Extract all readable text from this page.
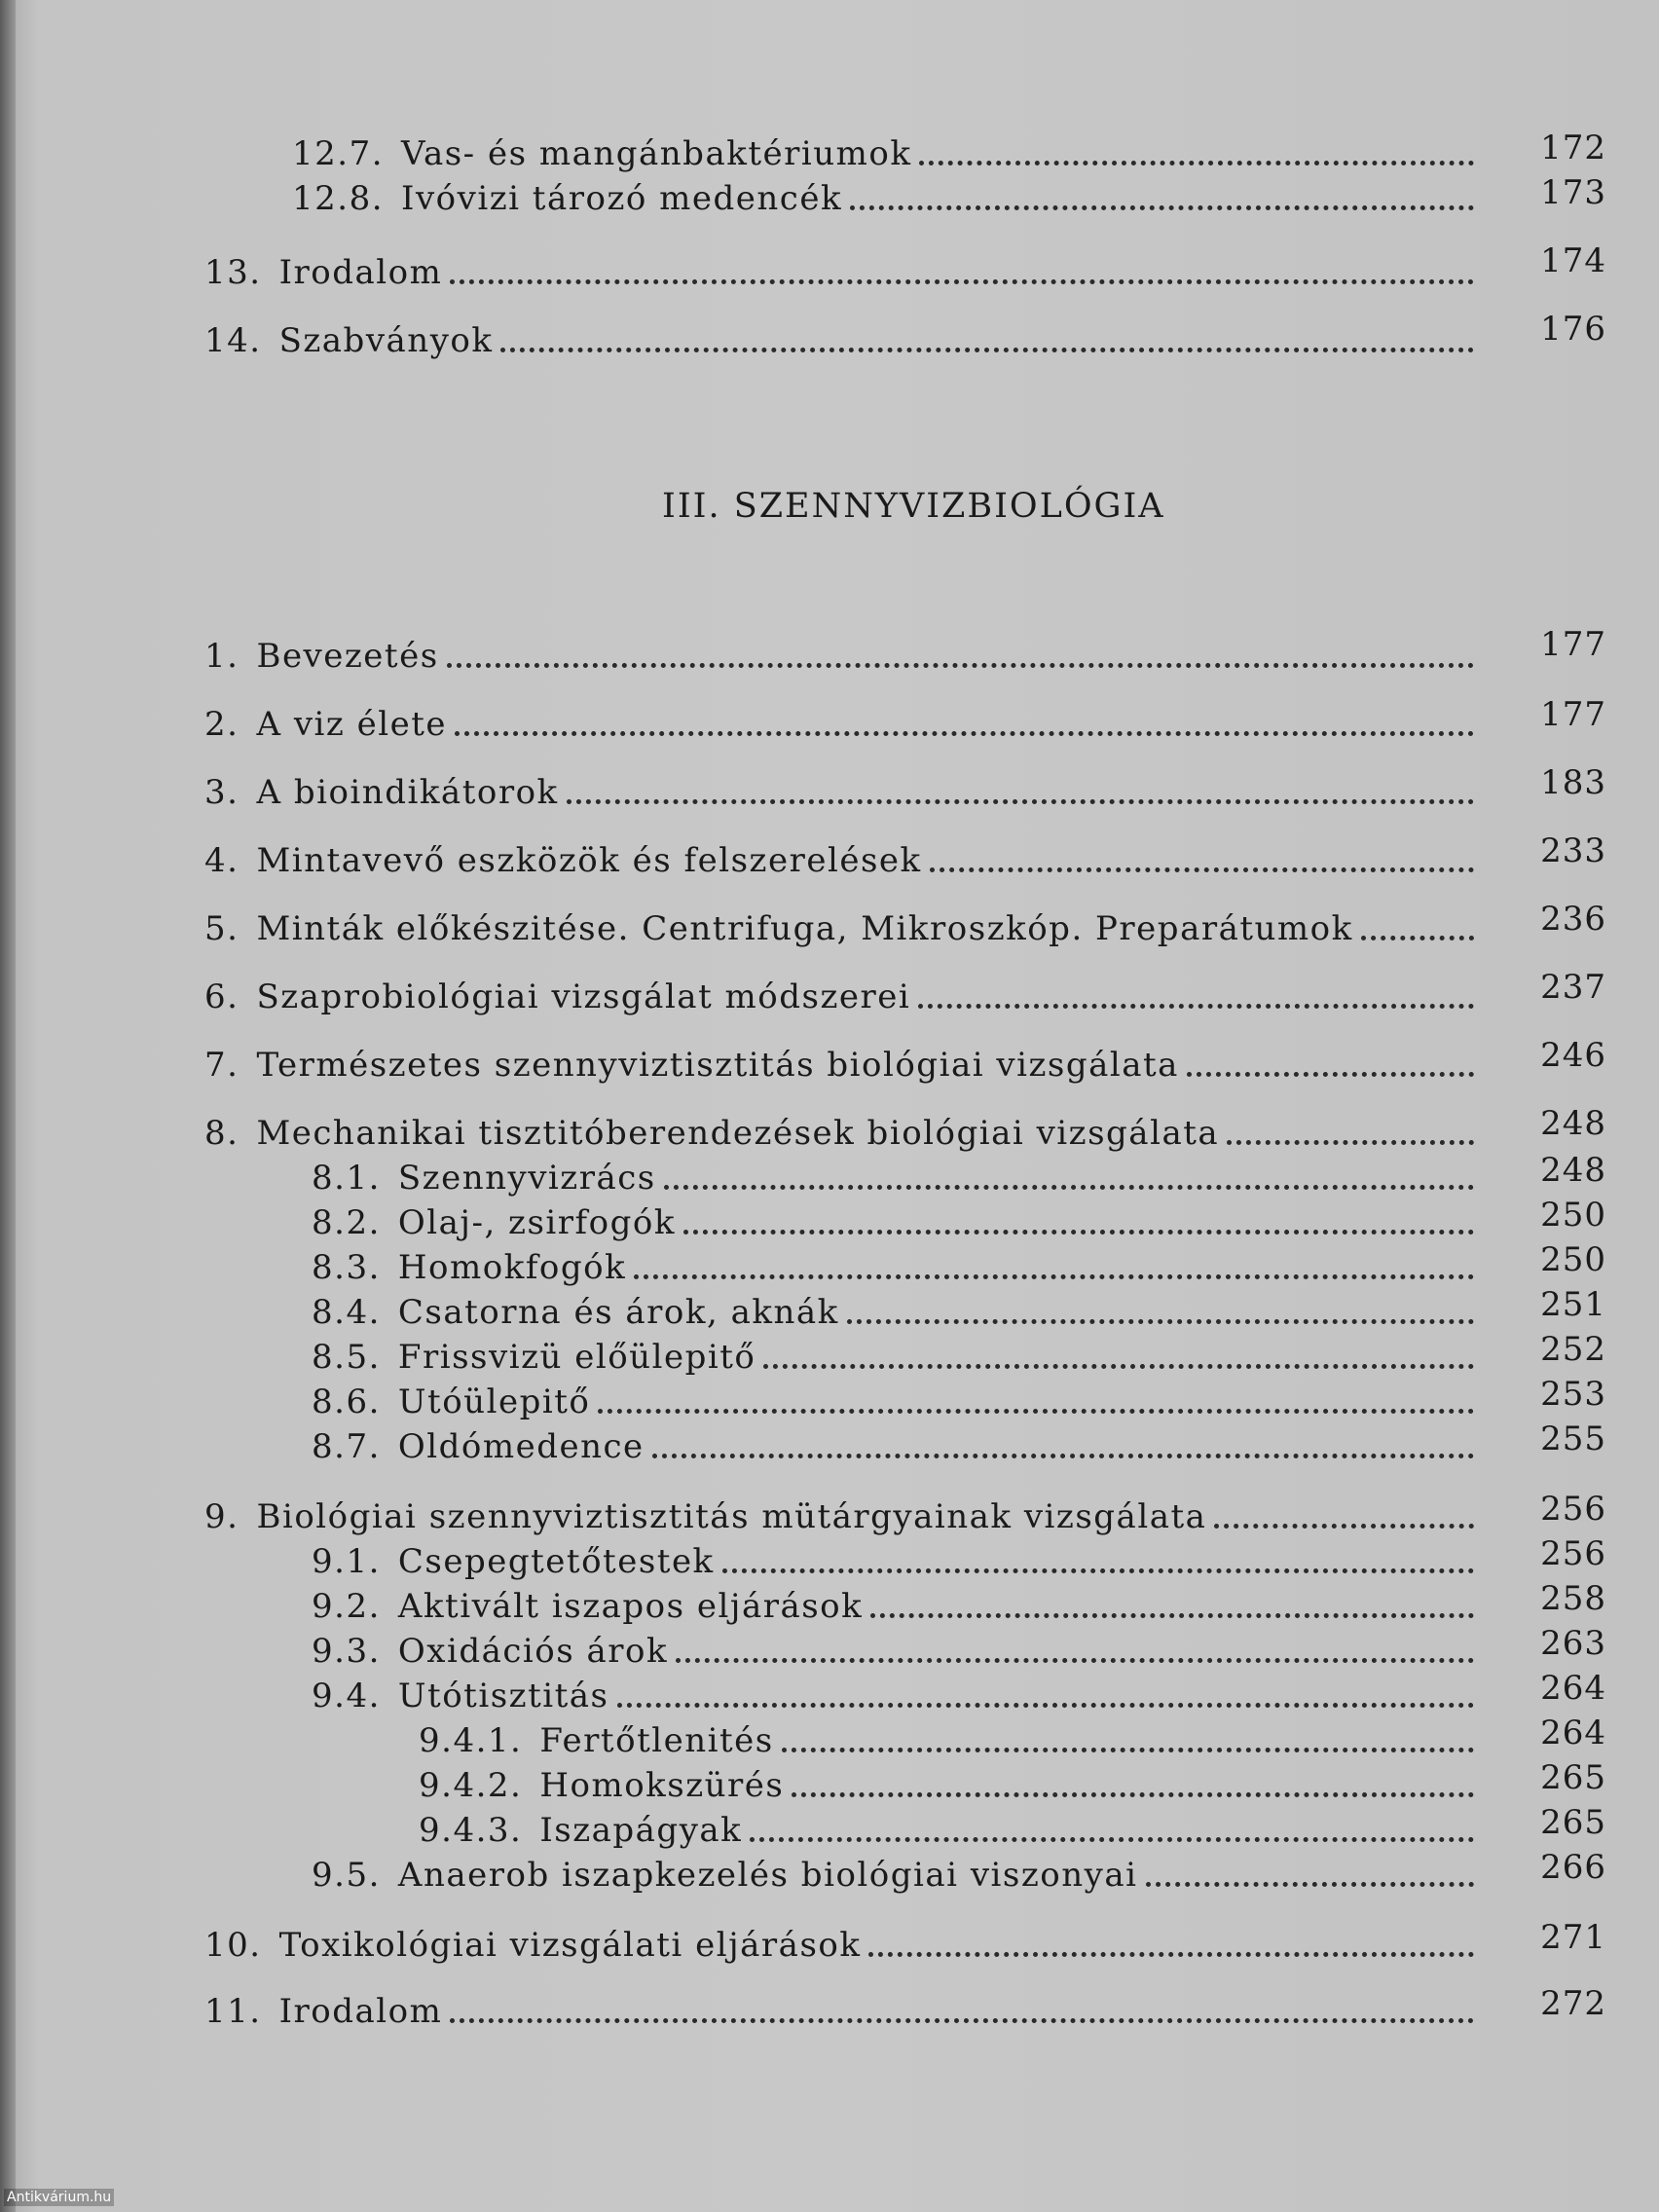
12.7. Vas- és mangánbaktériumok	172
12.8. Ivóvizi tározó medencék	173
13. Irodalom	174
14. Szabványok	176
III. SZENNYVIZBIOLÓGIA
1. Bevezetés	177
2. A viz élete	177
3. A bioindikátorok	183
4. Mintavevő eszközök és felszerelések	233
5. Minták előkészitése. Centrifuga, Mikroszkóp. Preparátumok	236
6. Szaprobiológiai vizsgálat módszerei	237
7. Természetes szennyviztisztitás biológiai vizsgálata	246
8. Mechanikai tisztitóberendezések biológiai vizsgálata	248
8.1. Szennyvizrács	248
8.2. Olaj-, zsirfogók	250
8.3. Homokfogók	250
8.4. Csatorna és árok, aknák	251
8.5. Frissvizü előülepitő	252
8.6. Utóülepitő	253
8.7. Oldómedence	255
9. Biológiai szennyviztisztitás mütárgyainak vizsgálata	256
9.1. Csepegtetőtestek	256
9.2. Aktivált iszapos eljárások	258
9.3. Oxidációs árok	263
9.4. Utótisztitás	264
9.4.1. Fertőtlenités	264
9.4.2. Homokszürés	265
9.4.3. Iszapágyak	265
9.5. Anaerob iszapkezelés biológiai viszonyai	266
10. Toxikológiai vizsgálati eljárások	271
11. Irodalom	272
Antikvárium.hu
